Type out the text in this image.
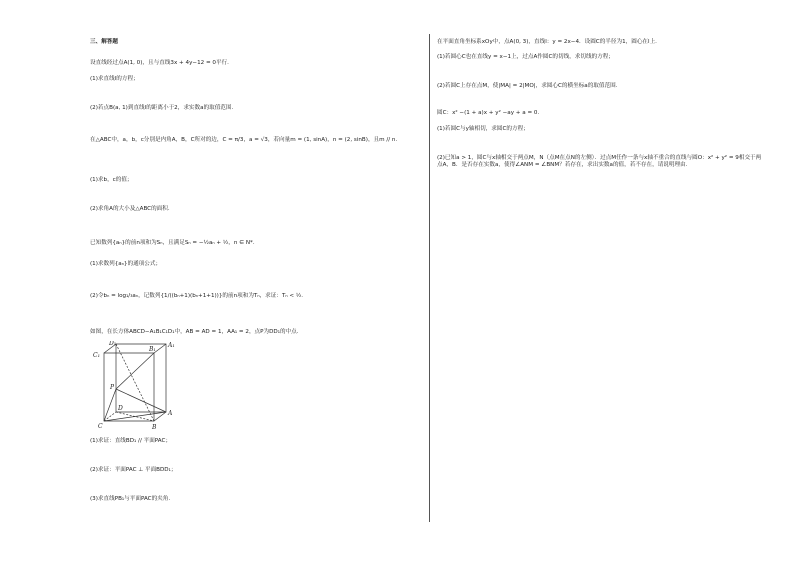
三、解答题
设直线经过点A(1, 0)，且与直线3x + 4y−12 = 0平行.
(1)求直线l的方程；
(2)若点B(a, 1)到直线l的距离小于2，求实数a的取值范围.
在△ABC中，a，b，c分别是内角A，B，C所对的边，C = π/3，a = √3，若向量m = (1, sinA)，n = (2, sinB)，且m // n.
(1)求b，c的值；
(2)求角A的大小及△ABC的面积.
已知数列{aₙ}的前n项和为Sₙ，且满足Sₙ = −½aₙ + ½，n ∈ N*.
(1)求数列{aₙ}的通项公式；
(2)令bₙ = log₁/₃aₙ，记数列{1/((bₙ+1)(bₙ+1+1))}的前n项和为Tₙ，求证：Tₙ < ½.
如图，在长方体ABCD−A₁B₁C₁D₁中，AB = AD = 1，AA₁ = 2，点P为DD₁的中点.
D₁	A₁
C₁
B₁
P
D
A
C	B
(1)求证：直线BD₁ // 平面PAC；
(2)求证：平面PAC ⊥ 平面BDD₁；
(3)求直线PB₁与平面PAC的夹角.
在平面直角坐标系xOy中，点A(0, 3)，直线l：y = 2x−4．设圆C的半径为1，圆心在l上.
(1)若圆心C也在直线y = x−1上，过点A作圆C的切线，求切线的方程；
(2)若圆C上存在点M，使|MA| = 2|MO|，求圆心C的横坐标a的取值范围.
圆C：x² −(1 + a)x + y² −ay + a = 0.
(1)若圆C与y轴相切，求圆C的方程；
(2)已知a > 1，圆C与x轴相交于两点M，N（点M在点N的左侧）．过点M任作一条与x轴不重合的直线与圆O：x² + y² = 9相交于两点A，B．是否存在实数a，使得∠ANM = ∠BNM？若存在，求出实数a的值，若不存在，请说明理由.
